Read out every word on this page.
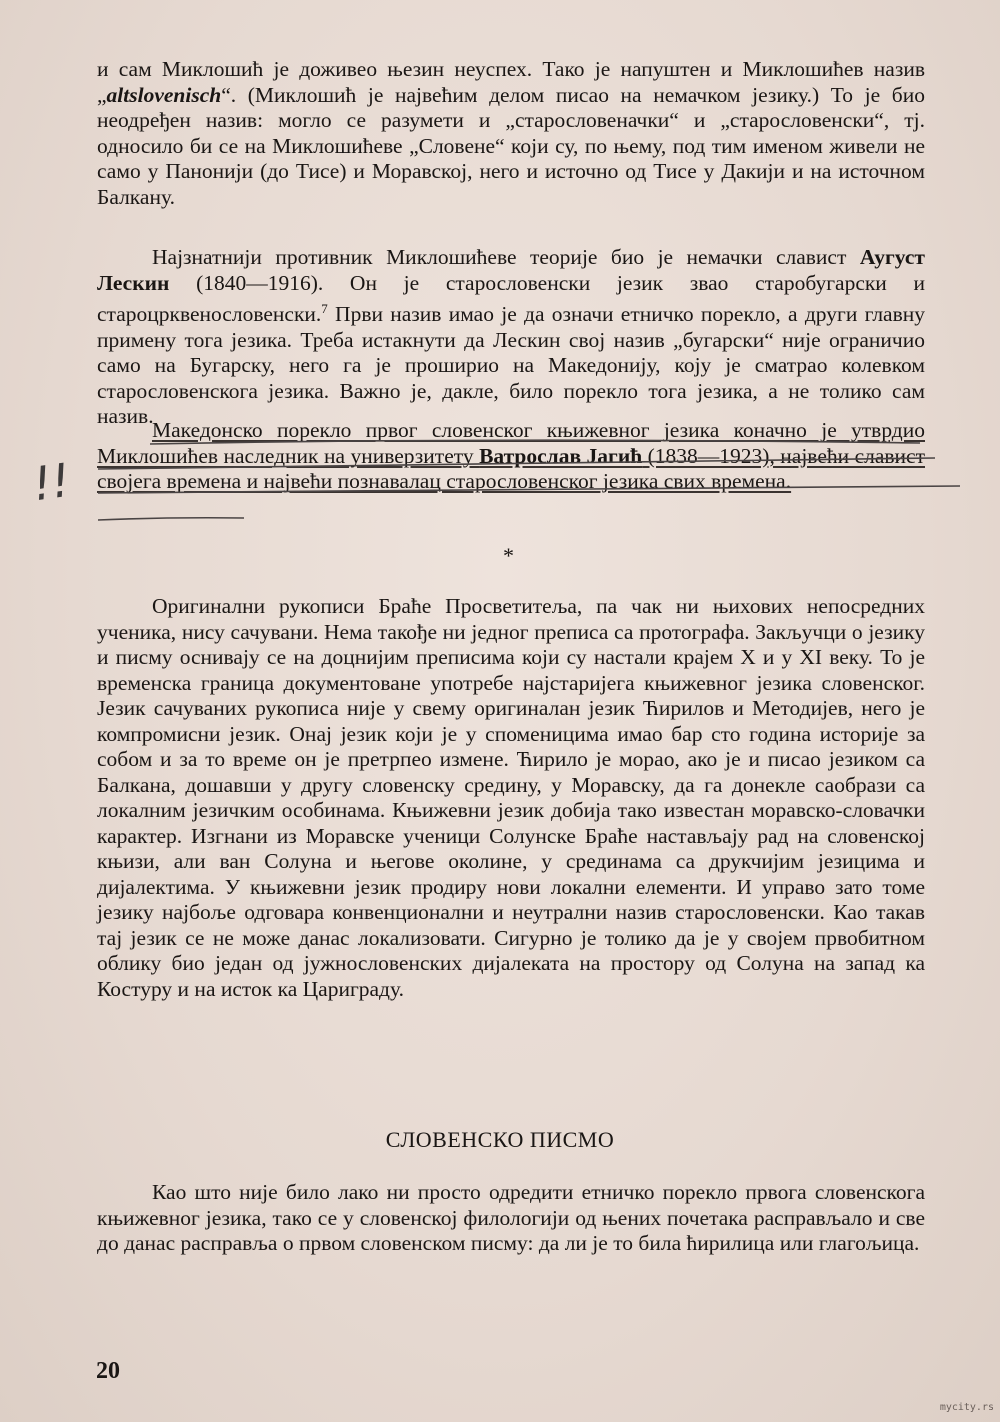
и сам Миклошић је доживео њезин неуспех. Тако је напуштен и Миклошићев назив „altslovenisch“. (Миклошић је највећим делом писао на немачком језику.) То је био неодређен назив: могло се разумети и „старословеначки“ и „старословенски“, тј. односило би се на Миклошићеве „Словене“ који су, по њему, под тим именом живели не само у Панонији (до Тисе) и Моравској, него и источно од Тисе у Дакији и на источном Балкану.

Најзнатнији противник Миклошићеве теорије био је немачки славист Аугуст Лескин (1840—1916). Он је старословенски језик звао старобугарски и староцрквенословенски.$^7$ Први назив имао је да означи етничко порекло, а други главну примену тога језика. Треба истакнути да Лескин свој назив „бугарски“ није ограничио само на Бугарску, него га је проширио на Македонију, коју је сматрао колевком старословенскога језика. Важно је, дакле, било порекло тога језика, а не толико сам назив.

Македонско порекло првог словенског књижевног језика коначно је утврдио Миклошићев наследник на универзитету Ватрослав Јагић (1838—1923), највећи славист својега времена и највећи познавалац старословенског језика свих времена.

!!
*

Оригинални рукописи Браће Просветитеља, па чак ни њихових непосредних ученика, нису сачувани. Нема такође ни једног преписа са протографа. Закључци о језику и писму оснивају се на доцнијим преписима који су настали крајем X и у XI веку. То је временска граница документоване употребе најстаријега књижевног језика словенског. Језик сачуваних рукописа није у свему оригиналан језик Ћирилов и Методијев, него је компромисни језик. Онај језик који је у споменицима имао бар сто година историје за собом и за то време он је претрпео измене. Ћирило је морао, ако је и писао језиком са Балкана, дошавши у другу словенску средину, у Моравску, да га донекле саобрази са локалним језичким особинама. Књижевни језик добија тако известан моравско-словачки карактер. Изгнани из Моравске ученици Солунске Браће настављају рад на словенској књизи, али ван Солуна и његове околине, у срединама са друкчијим језицима и дијалектима. У књижевни језик продиру нови локални елементи. И управо зато томе језику најбоље одговара конвенционални и неутрални назив старословенски. Као такав тај језик се не може данас локализовати. Сигурно је толико да је у своjем првобитном облику био један од јужнословенских дијалеката на простору од Солуна на запад ка Костуру и на исток ка Цариграду.

СЛОВЕНСКО ПИСМО

Као што није било лако ни просто одредити етничко порекло првога словенскога књижевног језика, тако се у словенској филологији од њених почетака расправљало и све до данас расправља о првом словенском писму: да ли је то била ћирилица или глагољица.

20
mycity.rs
